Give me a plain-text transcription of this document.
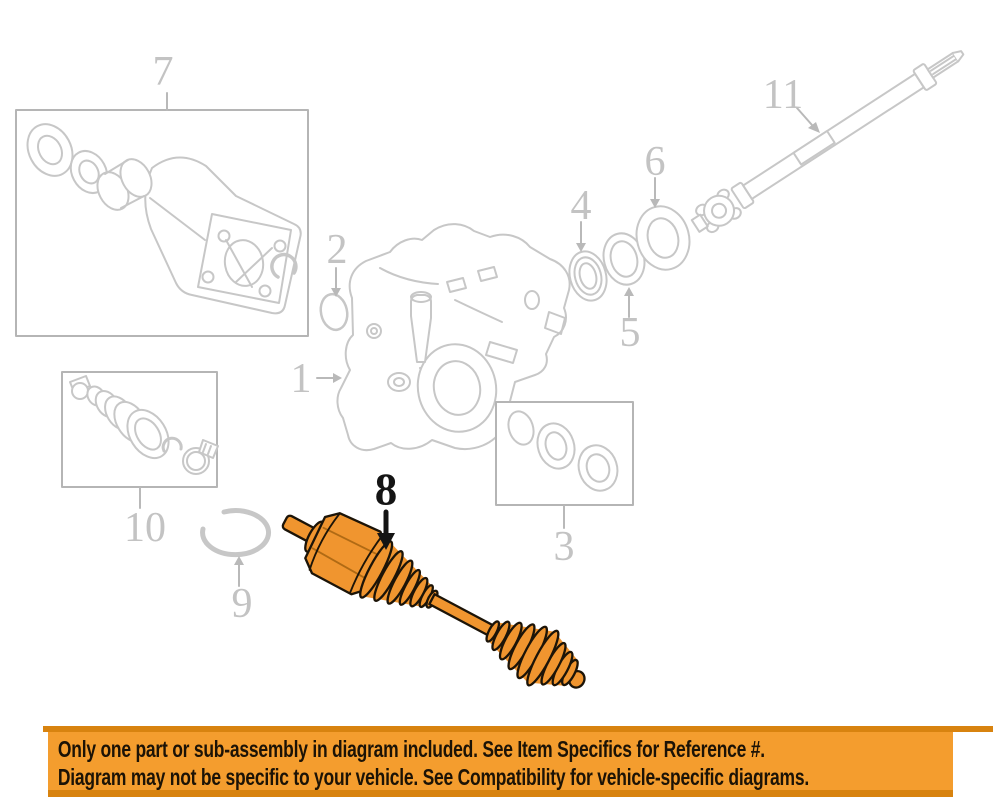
7
2
1
4
6
5
11
3
10
9
8
Only one part or sub-assembly in diagram included. See Item Specifics for Reference #.
Diagram may not be specific to your vehicle. See Compatibility for vehicle-specific diagrams.
